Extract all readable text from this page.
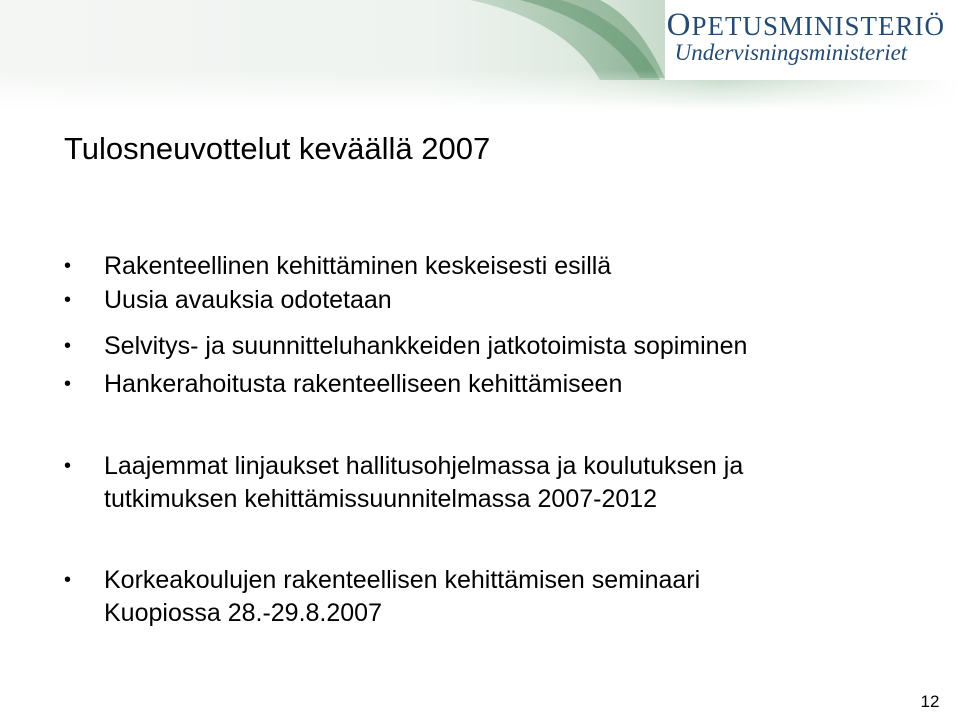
OPETUSMINISTERIÖ
Undervisningsministeriet
Tulosneuvottelut keväällä 2007
•	Rakenteellinen kehittäminen keskeisesti esillä
•	Uusia avauksia odotetaan
•	Selvitys- ja suunnitteluhankkeiden jatkotoimista sopiminen
•	Hankerahoitusta rakenteelliseen kehittämiseen
•	Laajemmat linjaukset hallitusohjelmassa ja koulutuksen ja
tutkimuksen kehittämissuunnitelmassa 2007-2012
•	Korkeakoulujen rakenteellisen kehittämisen seminaari
Kuopiossa 28.-29.8.2007
12
